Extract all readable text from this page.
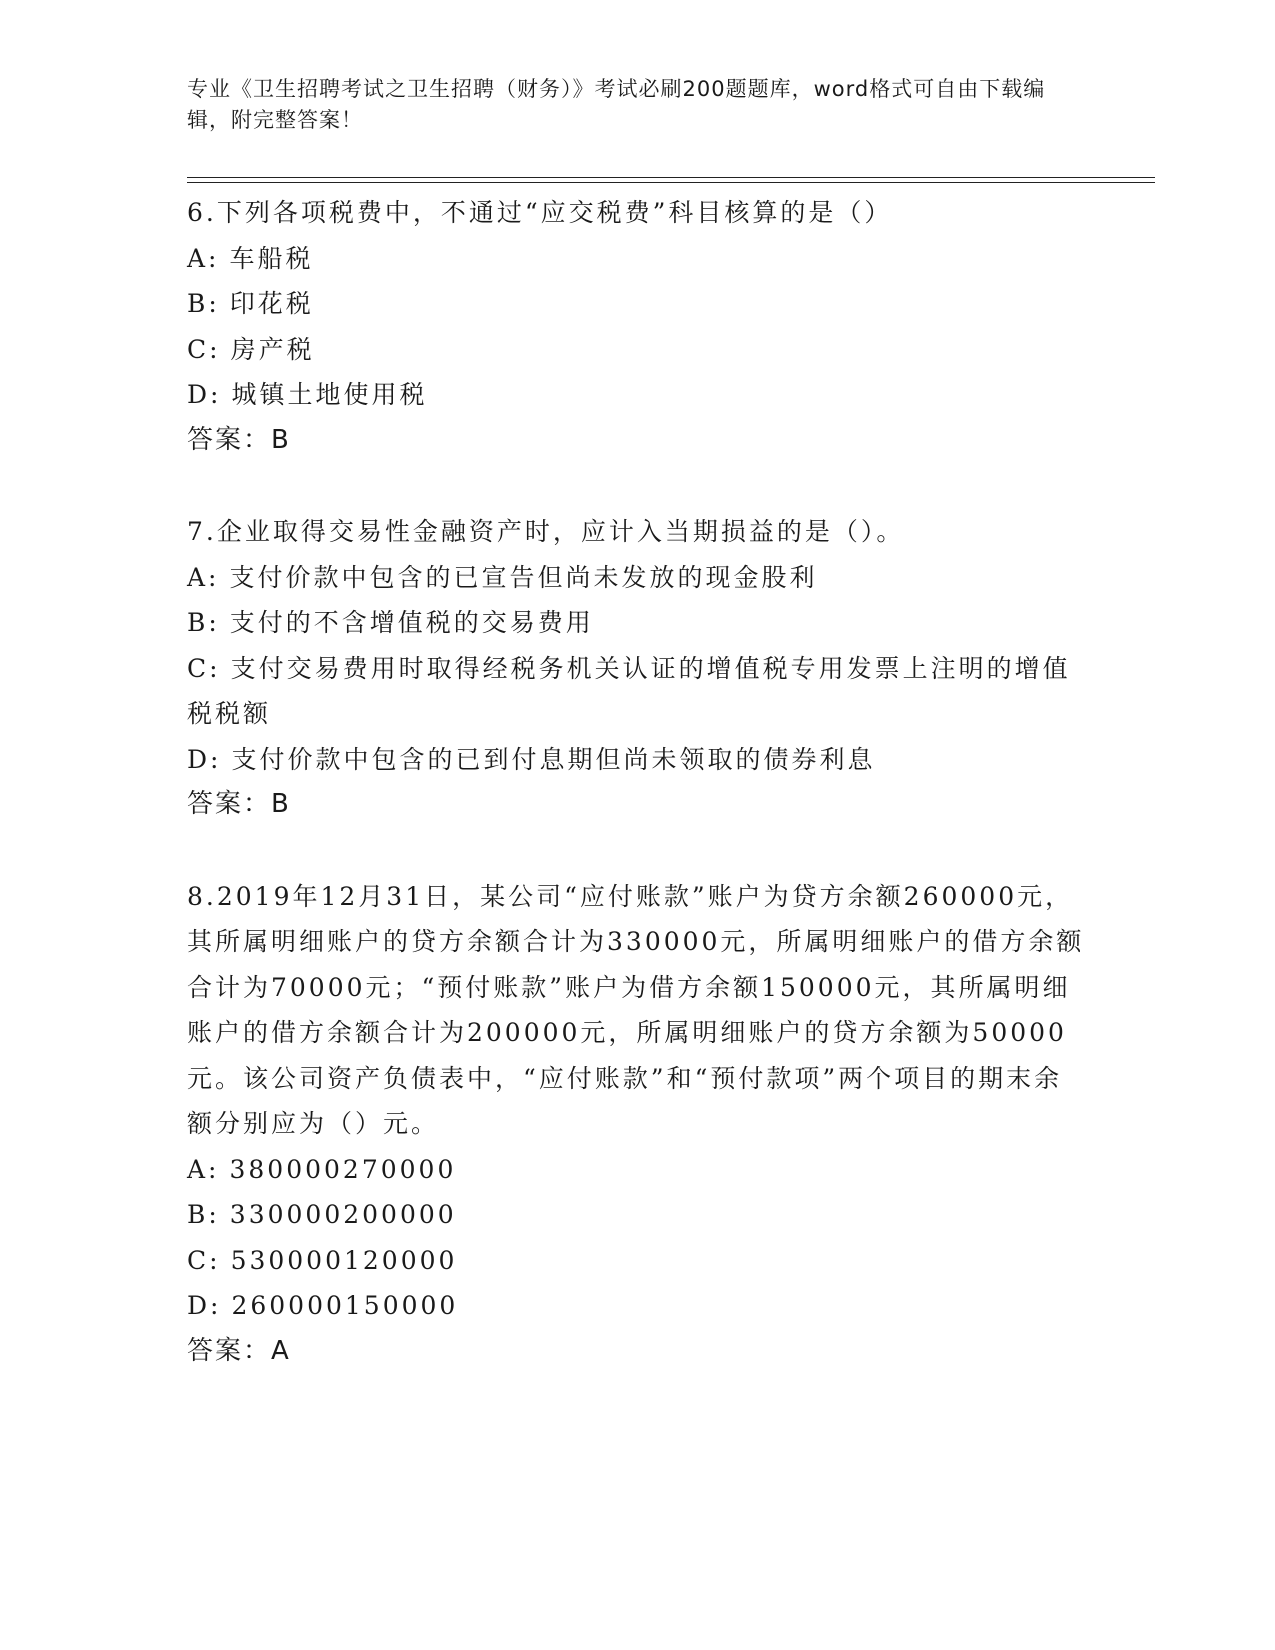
专业《卫生招聘考试之卫生招聘（财务）》考试必刷200题题库，word格式可自由下载编辑，附完整答案！
6.下列各项税费中，不通过“应交税费”科目核算的是（）
A: 车船税
B: 印花税
C: 房产税
D: 城镇土地使用税
答案：B
7.企业取得交易性金融资产时，应计入当期损益的是（）。
A: 支付价款中包含的已宣告但尚未发放的现金股利
B: 支付的不含增值税的交易费用
C: 支付交易费用时取得经税务机关认证的增值税专用发票上注明的增值税税额
D: 支付价款中包含的已到付息期但尚未领取的债券利息
答案：B
8.2019年12月31日，某公司“应付账款”账户为贷方余额260000元，其所属明细账户的贷方余额合计为330000元，所属明细账户的借方余额合计为70000元；“预付账款”账户为借方余额150000元，其所属明细账户的借方余额合计为200000元，所属明细账户的贷方余额为50000元。该公司资产负债表中，“应付账款”和“预付款项”两个项目的期末余额分别应为（）元。
A: 380000270000
B: 330000200000
C: 530000120000
D: 260000150000
答案：A
